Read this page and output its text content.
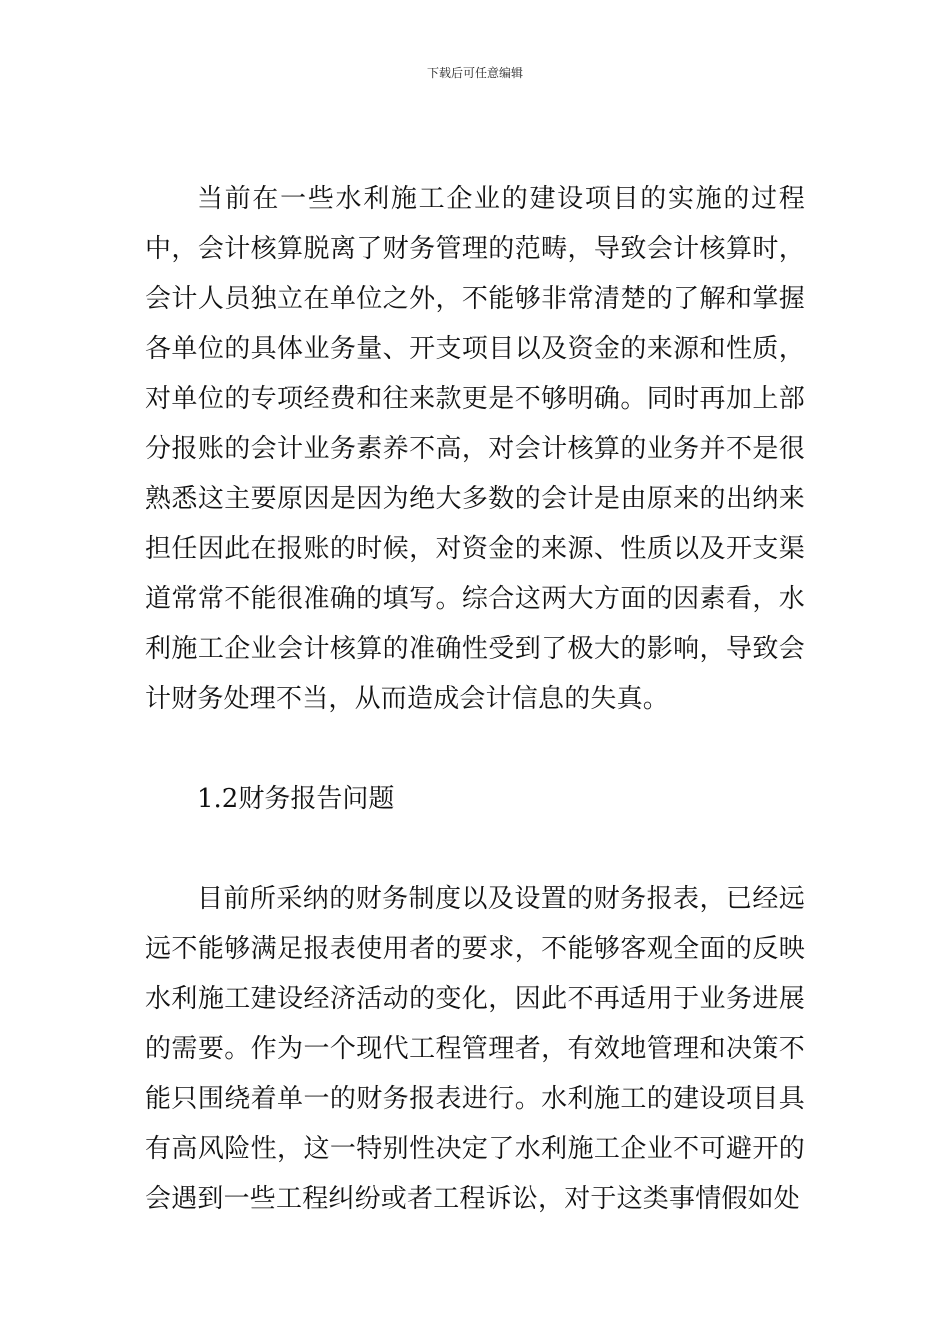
下载后可任意编辑

当前在一些水利施工企业的建设项目的实施的过程中，会计核算脱离了财务管理的范畴，导致会计核算时，会计人员独立在单位之外，不能够非常清楚的了解和掌握各单位的具体业务量、开支项目以及资金的来源和性质，对单位的专项经费和往来款更是不够明确。同时再加上部分报账的会计业务素养不高，对会计核算的业务并不是很熟悉这主要原因是因为绝大多数的会计是由原来的出纳来担任因此在报账的时候，对资金的来源、性质以及开支渠道常常不能很准确的填写。综合这两大方面的因素看，水利施工企业会计核算的准确性受到了极大的影响，导致会计财务处理不当，从而造成会计信息的失真。

1.2财务报告问题

目前所采纳的财务制度以及设置的财务报表，已经远远不能够满足报表使用者的要求，不能够客观全面的反映水利施工建设经济活动的变化，因此不再适用于业务进展的需要。作为一个现代工程管理者，有效地管理和决策不能只围绕着单一的财务报表进行。水利施工的建设项目具有高风险性，这一特别性决定了水利施工企业不可避开的会遇到一些工程纠纷或者工程诉讼，对于这类事情假如处
